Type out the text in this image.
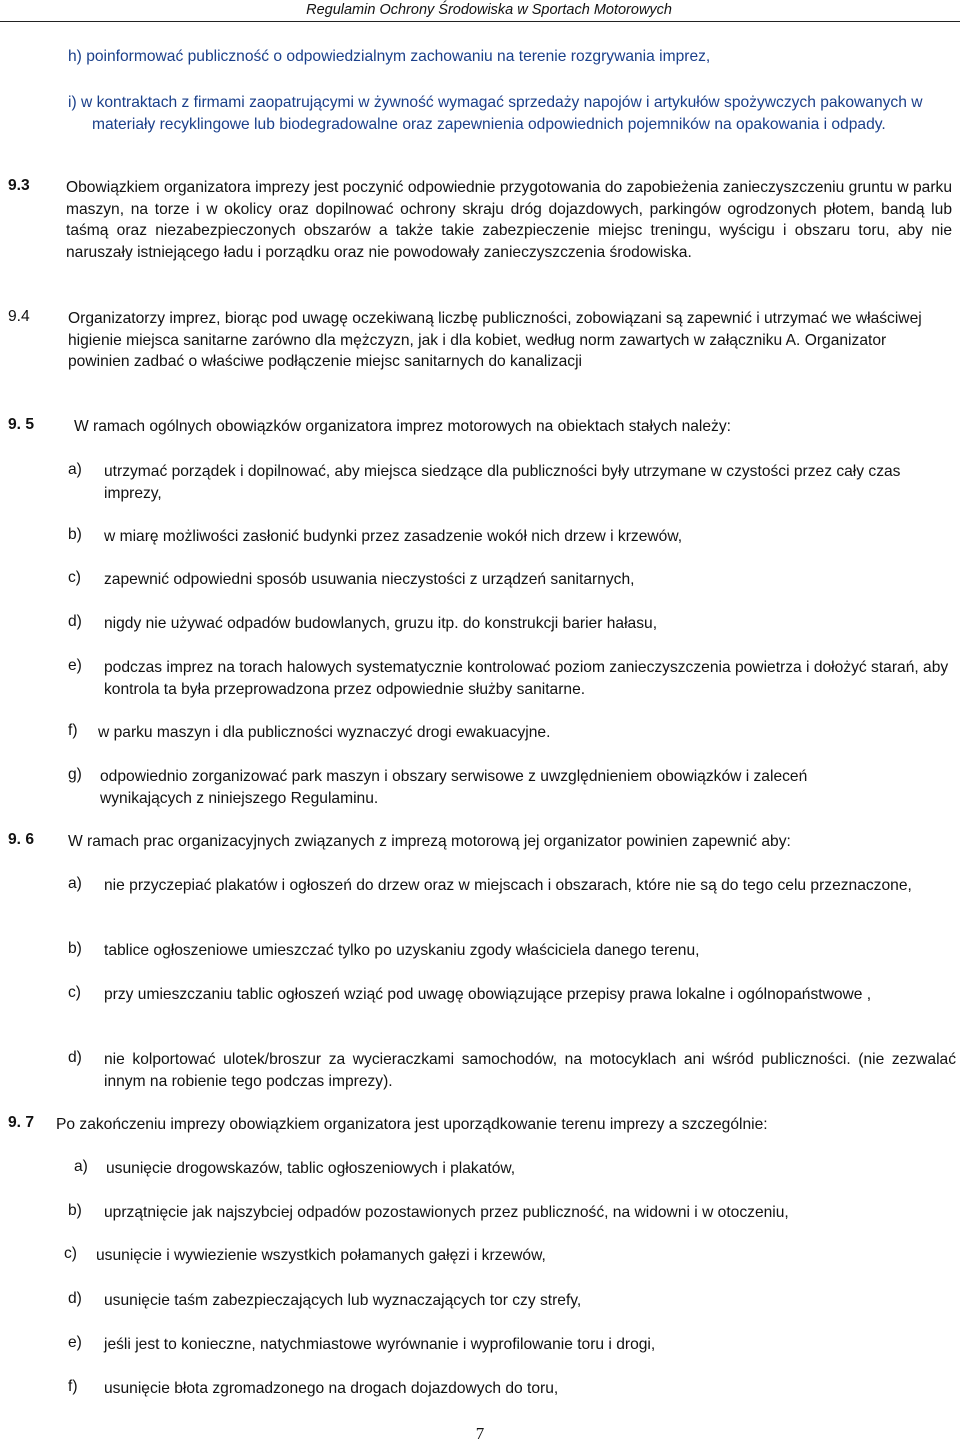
Regulamin Ochrony Środowiska w Sportach Motorowych

h) poinformować publiczność o odpowiedzialnym zachowaniu na terenie rozgrywania imprez,

i) w kontraktach z firmami zaopatrującymi w żywność wymagać sprzedaży napojów i artykułów spożywczych pakowanych w materiały recyklingowe lub biodegradowalne oraz zapewnienia odpowiednich pojemników na opakowania i odpady.

9.3 Obowiązkiem organizatora imprezy jest poczynić odpowiednie przygotowania do zapobieżenia zanieczyszczeniu gruntu w parku maszyn, na torze i w okolicy oraz dopilnować ochrony skraju dróg dojazdowych, parkingów ogrodzonych płotem, bandą lub taśmą oraz niezabezpieczonych obszarów a także takie zabezpieczenie miejsc treningu, wyścigu i obszaru toru, aby nie naruszały istniejącego ładu i porządku oraz nie powodowały zanieczyszczenia środowiska.

9.4 Organizatorzy imprez, biorąc pod uwagę oczekiwaną liczbę publiczności, zobowiązani są zapewnić i utrzymać we właściwej higienie miejsca sanitarne zarówno dla mężczyzn, jak i dla kobiet, według norm zawartych w załączniku A. Organizator powinien zadbać o właściwe podłączenie miejsc sanitarnych do kanalizacji

9. 5	W ramach ogólnych obowiązków organizatora imprez motorowych na obiektach stałych należy:

a) utrzymać porządek i dopilnować, aby miejsca siedzące dla publiczności były utrzymane w czystości przez cały czas imprezy,

b) w miarę możliwości zasłonić budynki przez zasadzenie wokół nich drzew i krzewów,

c) zapewnić odpowiedni sposób usuwania nieczystości z urządzeń sanitarnych,

d) nigdy nie używać odpadów budowlanych, gruzu itp. do konstrukcji barier hałasu,

e) podczas imprez na torach halowych systematycznie kontrolować poziom zanieczyszczenia powietrza i dołożyć starań, aby kontrola ta była przeprowadzona przez odpowiednie służby sanitarne.

f) w parku maszyn i dla publiczności wyznaczyć drogi ewakuacyjne.

g) odpowiednio zorganizować park maszyn i obszary serwisowe z uwzględnieniem obowiązków i zaleceń wynikających z niniejszego Regulaminu.

9. 6 W ramach prac organizacyjnych związanych z imprezą motorową jej organizator powinien zapewnić aby:

a) nie przyczepiać plakatów i ogłoszeń do drzew oraz w miejscach i obszarach, które nie są do tego celu przeznaczone,

b) tablice ogłoszeniowe umieszczać tylko po uzyskaniu zgody właściciela danego terenu,

c) przy umieszczaniu tablic ogłoszeń wziąć pod uwagę obowiązujące przepisy prawa lokalne i ogólnopaństwowe ,

d) nie kolportować ulotek/broszur za wycieraczkami samochodów, na motocyklach ani wśród publiczności. (nie zezwalać innym na robienie tego podczas imprezy).

9. 7 Po zakończeniu imprezy obowiązkiem organizatora jest uporządkowanie terenu imprezy a szczególnie:

a) usunięcie drogowskazów, tablic ogłoszeniowych i plakatów,

b) uprzątnięcie jak najszybciej odpadów pozostawionych przez publiczność, na widowni i w otoczeniu,

c) usunięcie i wywiezienie wszystkich połamanych gałęzi i krzewów,

d) usunięcie taśm zabezpieczających lub wyznaczających tor czy strefy,

e) jeśli jest to konieczne, natychmiastowe wyrównanie i wyprofilowanie toru i drogi,

f) usunięcie błota zgromadzonego na drogach dojazdowych do toru,

7
